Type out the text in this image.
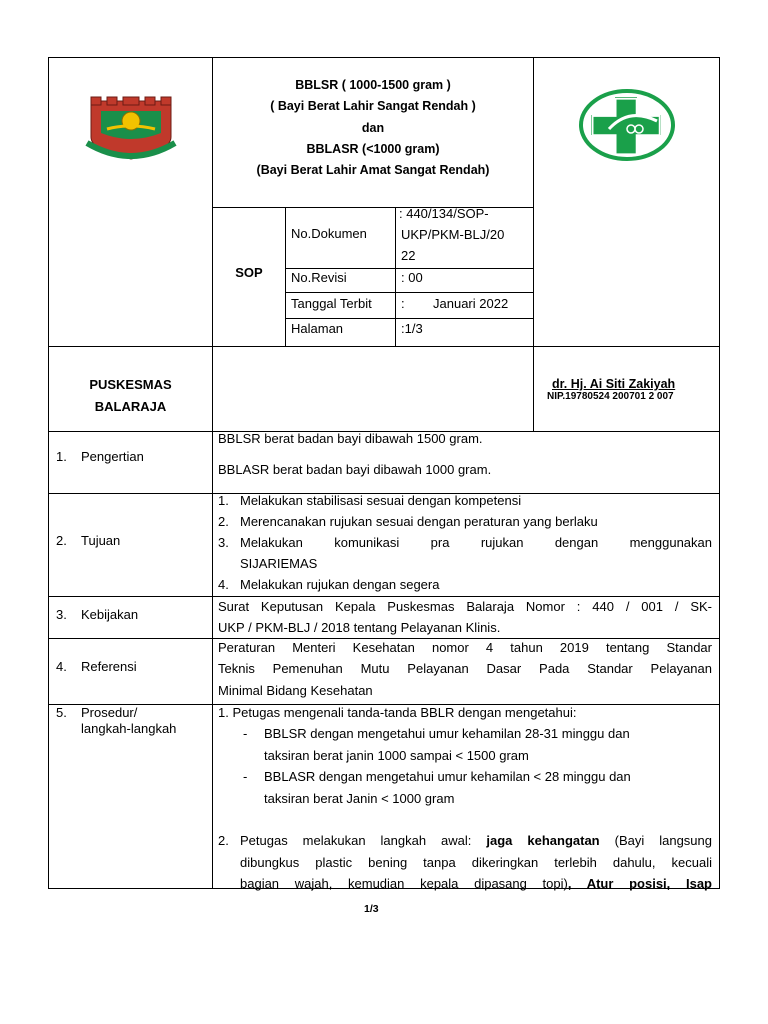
BBLSR ( 1000-1500 gram )
( Bayi Berat Lahir Sangat Rendah )
dan
BBLASR (<1000 gram)
(Bayi Berat Lahir Amat Sangat Rendah)
SOP
No.Dokumen
: 440/134/SOP-
UKP/PKM-BLJ/20
22
No.Revisi	: 00
Tanggal Terbit : Januari 2022
Halaman	:1/3
PUSKESMAS
BALARAJA
dr. Hj. Ai Siti Zakiyah
NIP.19780524 200701 2 007
1. Pengertian
BBLSR berat badan bayi dibawah 1500 gram.
BBLASR berat badan bayi dibawah 1000 gram.
2. Tujuan
1. Melakukan stabilisasi sesuai dengan kompetensi
2. Merencanakan rujukan sesuai dengan peraturan yang berlaku
3. Melakukan komunikasi pra rujukan dengan menggunakan
SIJARIEMAS
4. Melakukan rujukan dengan segera
3. Kebijakan
Surat Keputusan Kepala Puskesmas Balaraja Nomor : 440 / 001 / SK-
UKP / PKM-BLJ / 2018 tentang Pelayanan Klinis.
4. Referensi
Peraturan Menteri Kesehatan nomor 4 tahun 2019 tentang Standar
Teknis Pemenuhan Mutu Pelayanan Dasar Pada Standar Pelayanan
Minimal Bidang Kesehatan
5. Prosedur/
langkah-langkah
1. Petugas mengenali tanda-tanda BBLR dengan mengetahui:
- BBLSR dengan mengetahui umur kehamilan 28-31 minggu dan
taksiran berat janin 1000 sampai < 1500 gram
- BBLASR dengan mengetahui umur kehamilan < 28 minggu dan
taksiran berat Janin < 1000 gram
2. Petugas melakukan langkah awal: jaga kehangatan (Bayi langsung
dibungkus plastic bening tanpa dikeringkan terlebih dahulu, kecuali
bagian wajah, kemudian kepala dipasang topi), Atur posisi, Isap
1/3
